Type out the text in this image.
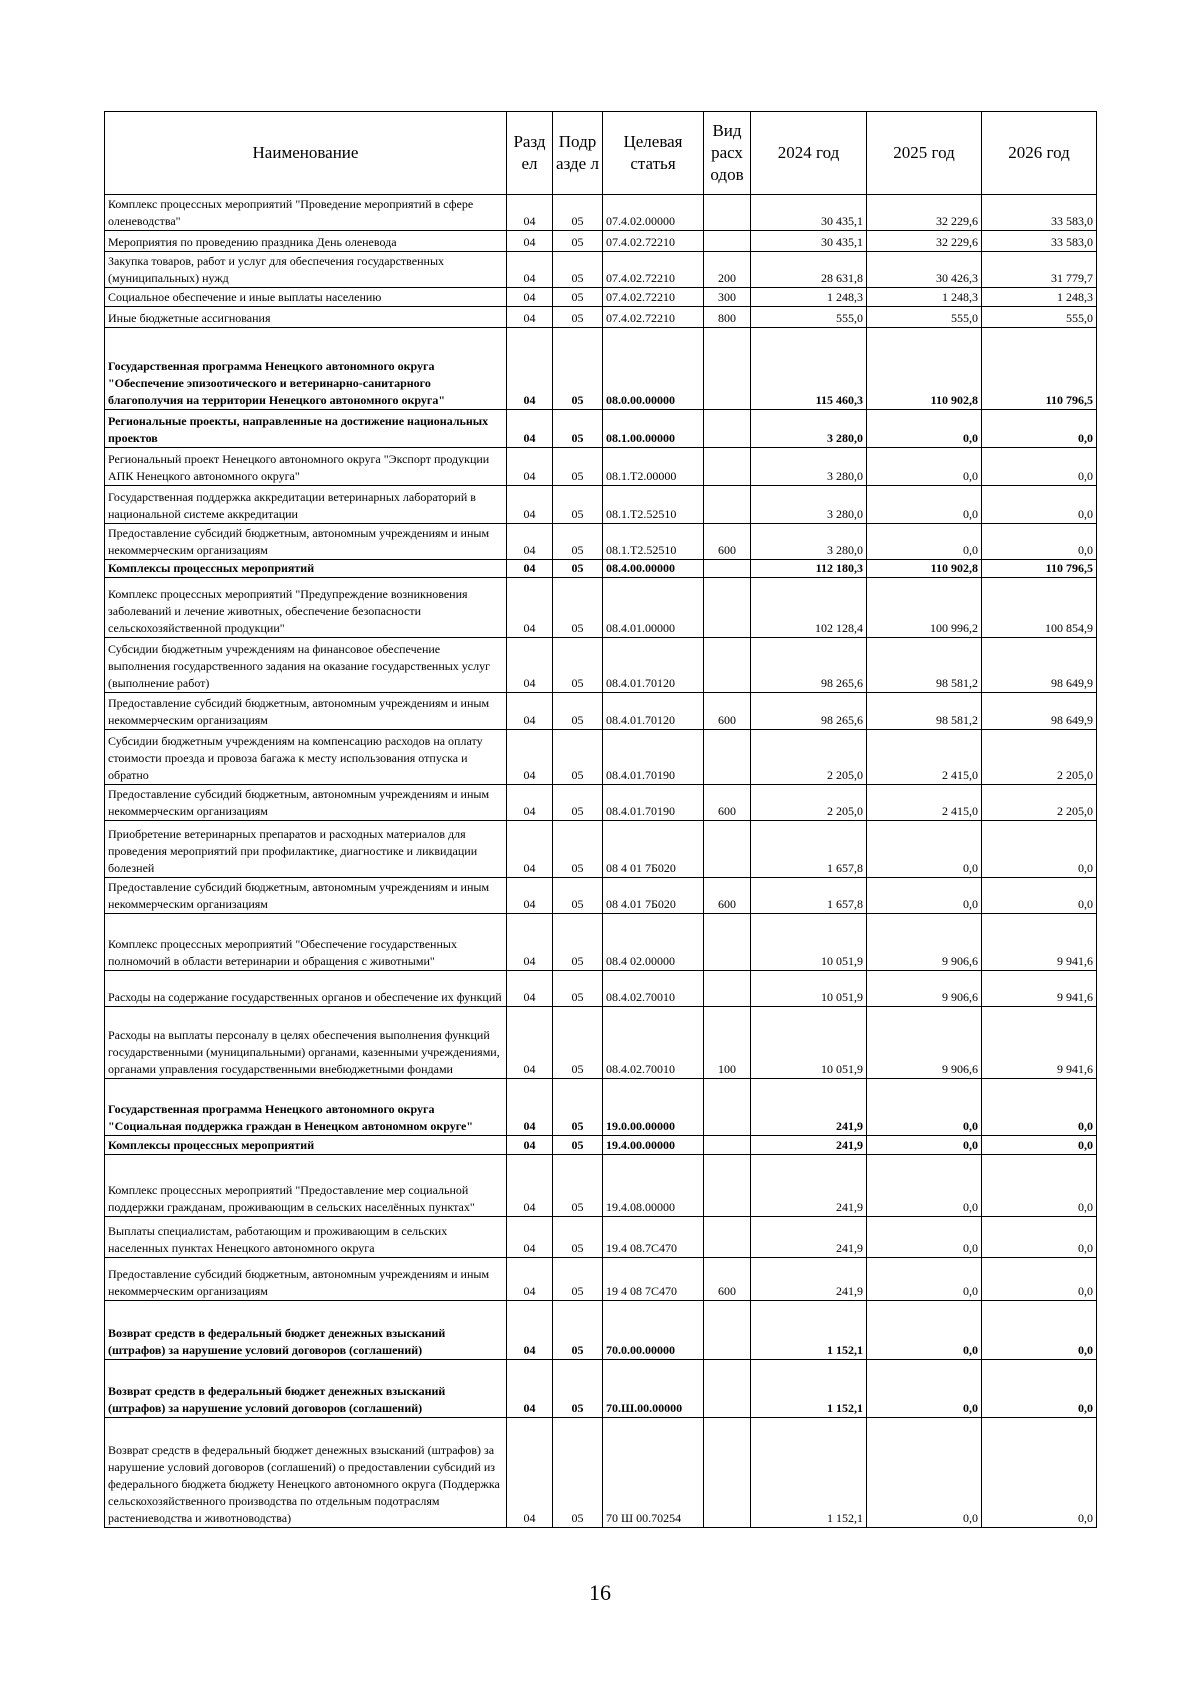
Наименование	Разд ел	Подр азде л	Целевая статья	Вид расх одов	2024 год	2025 год	2026 год
Комплекс процессных мероприятий "Проведение мероприятий в сфере оленеводства"	04	05	07.4.02.00000		30 435,1	32 229,6	33 583,0
Мероприятия по проведению праздника День оленевода	04	05	07.4.02.72210		30 435,1	32 229,6	33 583,0
Закупка товаров, работ и услуг для обеспечения государственных (муниципальных) нужд	04	05	07.4.02.72210	200	28 631,8	30 426,3	31 779,7
Социальное обеспечение и иные выплаты населению	04	05	07.4.02.72210	300	1 248,3	1 248,3	1 248,3
Иные бюджетные ассигнования	04	05	07.4.02.72210	800	555,0	555,0	555,0
Государственная программа Ненецкого автономного округа "Обеспечение эпизоотического и ветеринарно-санитарного благополучия на территории Ненецкого автономного округа"	04	05	08.0.00.00000		115 460,3	110 902,8	110 796,5
Региональные проекты, направленные на достижение национальных проектов	04	05	08.1.00.00000		3 280,0	0,0	0,0
Региональный проект Ненецкого автономного округа "Экспорт продукции АПК Ненецкого автономного округа"	04	05	08.1.Т2.00000		3 280,0	0,0	0,0
Государственная поддержка аккредитации ветеринарных лабораторий в национальной системе аккредитации	04	05	08.1.Т2.52510		3 280,0	0,0	0,0
Предоставление субсидий бюджетным, автономным учреждениям и иным некоммерческим организациям	04	05	08.1.Т2.52510	600	3 280,0	0,0	0,0
Комплексы процессных мероприятий	04	05	08.4.00.00000		112 180,3	110 902,8	110 796,5
Комплекс процессных мероприятий "Предупреждение возникновения заболеваний и лечение животных, обеспечение безопасности сельскохозяйственной продукции"	04	05	08.4.01.00000		102 128,4	100 996,2	100 854,9
Субсидии бюджетным учреждениям на финансовое обеспечение выполнения государственного задания на оказание государственных услуг (выполнение работ)	04	05	08.4.01.70120		98 265,6	98 581,2	98 649,9
Предоставление субсидий бюджетным, автономным учреждениям и иным некоммерческим организациям	04	05	08.4.01.70120	600	98 265,6	98 581,2	98 649,9
Субсидии бюджетным учреждениям на компенсацию расходов на оплату стоимости проезда и провоза багажа к месту использования отпуска и обратно	04	05	08.4.01.70190		2 205,0	2 415,0	2 205,0
Предоставление субсидий бюджетным, автономным учреждениям и иным некоммерческим организациям	04	05	08.4.01.70190	600	2 205,0	2 415,0	2 205,0
Приобретение ветеринарных препаратов и расходных материалов для проведения мероприятий при профилактике, диагностике и ликвидации болезней	04	05	08 4 01 7Б020		1 657,8	0,0	0,0
Предоставление субсидий бюджетным, автономным учреждениям и иным некоммерческим организациям	04	05	08 4.01 7Б020	600	1 657,8	0,0	0,0
Комплекс процессных мероприятий "Обеспечение государственных полномочий в области ветеринарии и обращения с животными"	04	05	08.4 02.00000		10 051,9	9 906,6	9 941,6
Расходы на содержание государственных органов и обеспечение их функций	04	05	08.4.02.70010		10 051,9	9 906,6	9 941,6
Расходы на выплаты персоналу в целях обеспечения выполнения функций государственными (муниципальными) органами, казенными учреждениями, органами управления государственными внебюджетными фондами	04	05	08.4.02.70010	100	10 051,9	9 906,6	9 941,6
Государственная программа Ненецкого автономного округа "Социальная поддержка граждан в Ненецком автономном округе"	04	05	19.0.00.00000		241,9	0,0	0,0
Комплексы процессных мероприятий	04	05	19.4.00.00000		241,9	0,0	0,0
Комплекс процессных мероприятий "Предоставление мер социальной поддержки гражданам, проживающим в сельских населённых пунктах"	04	05	19.4.08.00000		241,9	0,0	0,0
Выплаты специалистам, работающим и проживающим в сельских населенных пунктах Ненецкого автономного округа	04	05	19.4 08.7С470		241,9	0,0	0,0
Предоставление субсидий бюджетным, автономным учреждениям и иным некоммерческим организациям	04	05	19 4 08 7С470	600	241,9	0,0	0,0
Возврат средств в федеральный бюджет денежных взысканий (штрафов) за нарушение условий договоров (соглашений)	04	05	70.0.00.00000		1 152,1	0,0	0,0
Возврат средств в федеральный бюджет денежных взысканий (штрафов) за нарушение условий договоров (соглашений)	04	05	70.Ш.00.00000		1 152,1	0,0	0,0
Возврат средств в федеральный бюджет денежных взысканий (штрафов) за нарушение условий договоров (соглашений) о предоставлении субсидий из федерального бюджета бюджету Ненецкого автономного округа (Поддержка сельскохозяйственного производства по отдельным подотраслям растениеводства и животноводства)	04	05	70 Ш 00.70254		1 152,1	0,0	0,0
16
